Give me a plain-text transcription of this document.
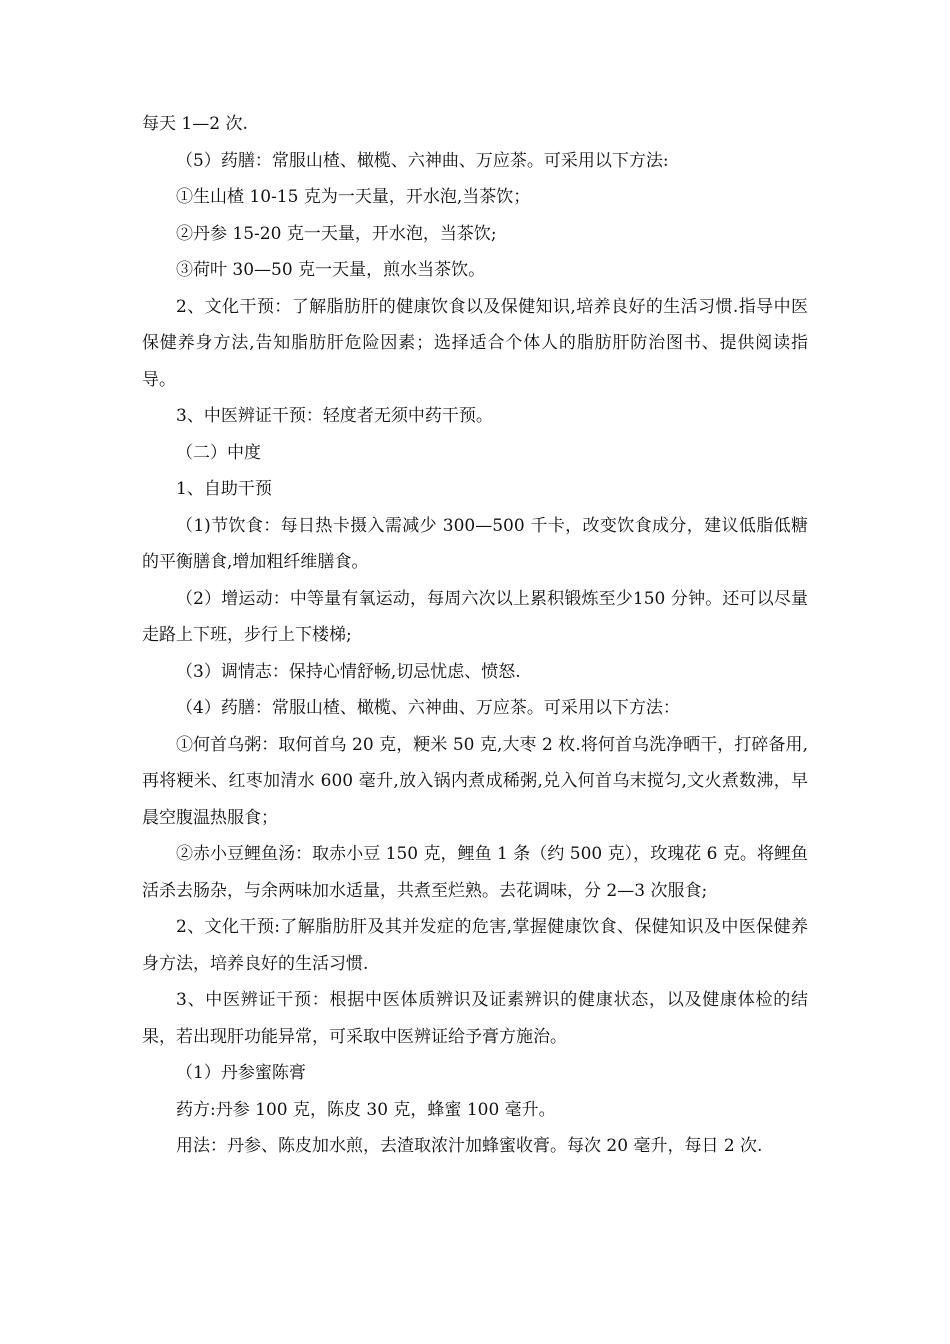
每天 1—2 次.

（5）药膳：常服山楂、橄榄、六神曲、万应茶。可采用以下方法:

①生山楂 10-15 克为一天量，开水泡,当茶饮；

②丹参 15-20 克一天量，开水泡，当茶饮;

③荷叶 30—50 克一天量，煎水当茶饮。

2、文化干预：了解脂肪肝的健康饮食以及保健知识,培养良好的生活习惯.指导中医保健养身方法,告知脂肪肝危险因素；选择适合个体人的脂肪肝防治图书、提供阅读指导。

3、中医辨证干预：轻度者无须中药干预。

（二）中度

1、自助干预

（1)节饮食：每日热卡摄入需减少 300—500 千卡，改变饮食成分，建议低脂低糖的平衡膳食,增加粗纤维膳食。

（2）增运动：中等量有氧运动，每周六次以上累积锻炼至少150 分钟。还可以尽量走路上下班，步行上下楼梯;

（3）调情志：保持心情舒畅,切忌忧虑、愤怒.

（4）药膳：常服山楂、橄榄、六神曲、万应茶。可采用以下方法：

①何首乌粥：取何首乌 20 克，粳米 50 克,大枣 2 枚.将何首乌洗净晒干，打碎备用,再将粳米、红枣加清水 600 毫升,放入锅内煮成稀粥,兑入何首乌末搅匀,文火煮数沸，早晨空腹温热服食；

②赤小豆鲤鱼汤：取赤小豆 150 克，鲤鱼 1 条（约 500 克），玫瑰花 6 克。将鲤鱼活杀去肠杂，与余两味加水适量，共煮至烂熟。去花调味，分 2—3 次服食;

2、文化干预:了解脂肪肝及其并发症的危害,掌握健康饮食、保健知识及中医保健养身方法，培养良好的生活习惯.

3、中医辨证干预：根据中医体质辨识及证素辨识的健康状态，以及健康体检的结果，若出现肝功能异常，可采取中医辨证给予膏方施治。

（1）丹参蜜陈膏

药方:丹参 100 克，陈皮 30 克，蜂蜜 100 毫升。

用法：丹参、陈皮加水煎，去渣取浓汁加蜂蜜收膏。每次 20 毫升，每日 2 次.
